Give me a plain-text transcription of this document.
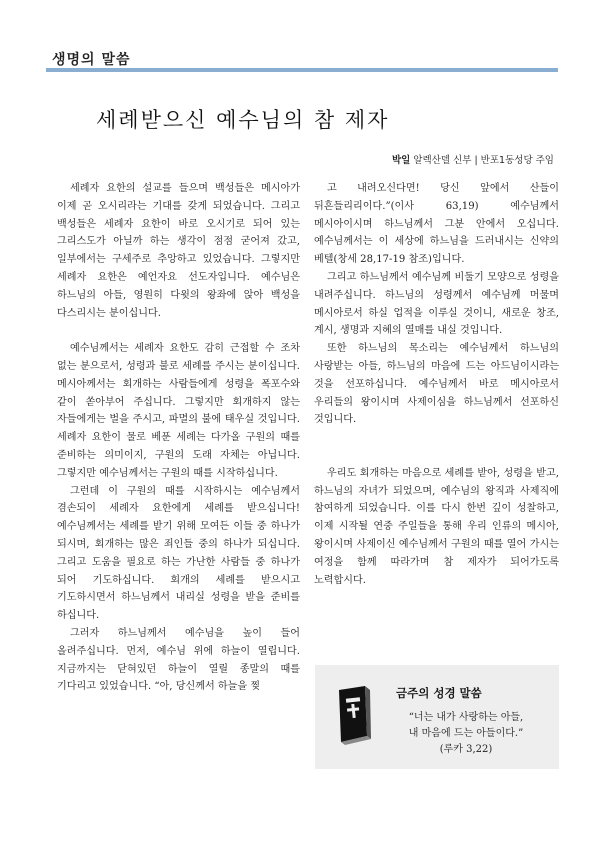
생명의 말씀
세례받으신 예수님의 참 제자
박일 알렉산델 신부 | 반포1동성당 주임

세례자 요한의 설교를 들으며 백성들은 메시아가 이제 곧 오시리라는 기대를 갖게 되었습니다. 그리고 백성들은 세례자 요한이 바로 오시기로 되어 있는 그리스도가 아닐까 하는 생각이 점점 굳어져 갔고, 일부에서는 구세주로 추앙하고 있었습니다. 그렇지만 세례자 요한은 예언자요 선도자입니다. 예수님은 하느님의 아들, 영원히 다윗의 왕좌에 앉아 백성을 다스리시는 분이십니다.

예수님께서는 세례자 요한도 감히 근접할 수 조차 없는 분으로서, 성령과 불로 세례를 주시는 분이십니다. 메시아께서는 회개하는 사람들에게 성령을 폭포수와 같이 쏟아부어 주십니다. 그렇지만 회개하지 않는 자들에게는 벌을 주시고, 파멸의 불에 태우실 것입니다. 세례자 요한이 물로 베푼 세례는 다가올 구원의 때를 준비하는 의미이지, 구원의 도래 자체는 아닙니다. 그렇지만 예수님께서는 구원의 때를 시작하십니다.

그런데 이 구원의 때를 시작하시는 예수님께서 겸손되이 세례자 요한에게 세례를 받으십니다! 예수님께서는 세례를 받기 위해 모여든 이들 중 하나가 되시며, 회개하는 많은 죄인들 중의 하나가 되십니다. 그리고 도움을 필요로 하는 가난한 사람들 중 하나가 되어 기도하십니다. 회개의 세례를 받으시고 기도하시면서 하느님께서 내리실 성령을 받을 준비를 하십니다.

그러자 하느님께서 예수님을 높이 들어 올려주십니다. 먼저, 예수님 위에 하늘이 열립니다. 지금까지는 닫혀있던 하늘이 열릴 종말의 때를 기다리고 있었습니다. “아, 당신께서 하늘을 찢

고 내려오신다면! 당신 앞에서 산들이 뒤흔들리리이다.”(이사 63,19) 예수님께서 메시아이시며 하느님께서 그분 안에서 오십니다. 예수님께서는 이 세상에 하느님을 드러내시는 신약의 베텔(창세 28,17-19 참조)입니다.

그리고 하느님께서 예수님께 비둘기 모양으로 성령을 내려주십니다. 하느님의 성령께서 예수님께 머물며 메시아로서 하실 업적을 이루실 것이니, 새로운 창조, 계시, 생명과 지혜의 열매를 내실 것입니다.

또한 하느님의 목소리는 예수님께서 하느님의 사랑받는 아들, 하느님의 마음에 드는 아드님이시라는 것을 선포하십니다. 예수님께서 바로 메시아로서 우리들의 왕이시며 사제이심을 하느님께서 선포하신 것입니다.

우리도 회개하는 마음으로 세례를 받아, 성령을 받고, 하느님의 자녀가 되었으며, 예수님의 왕직과 사제직에 참여하게 되었습니다. 이를 다시 한번 깊이 성찰하고, 이제 시작될 연중 주일들을 통해 우리 인류의 메시아, 왕이시며 사제이신 예수님께서 구원의 때를 열어 가시는 여정을 함께 따라가며 참 제자가 되어가도록 노력합시다.

금주의 성경 말씀
“너는 내가 사랑하는 아들,
내 마음에 드는 아들이다.”
(루카 3,22)
